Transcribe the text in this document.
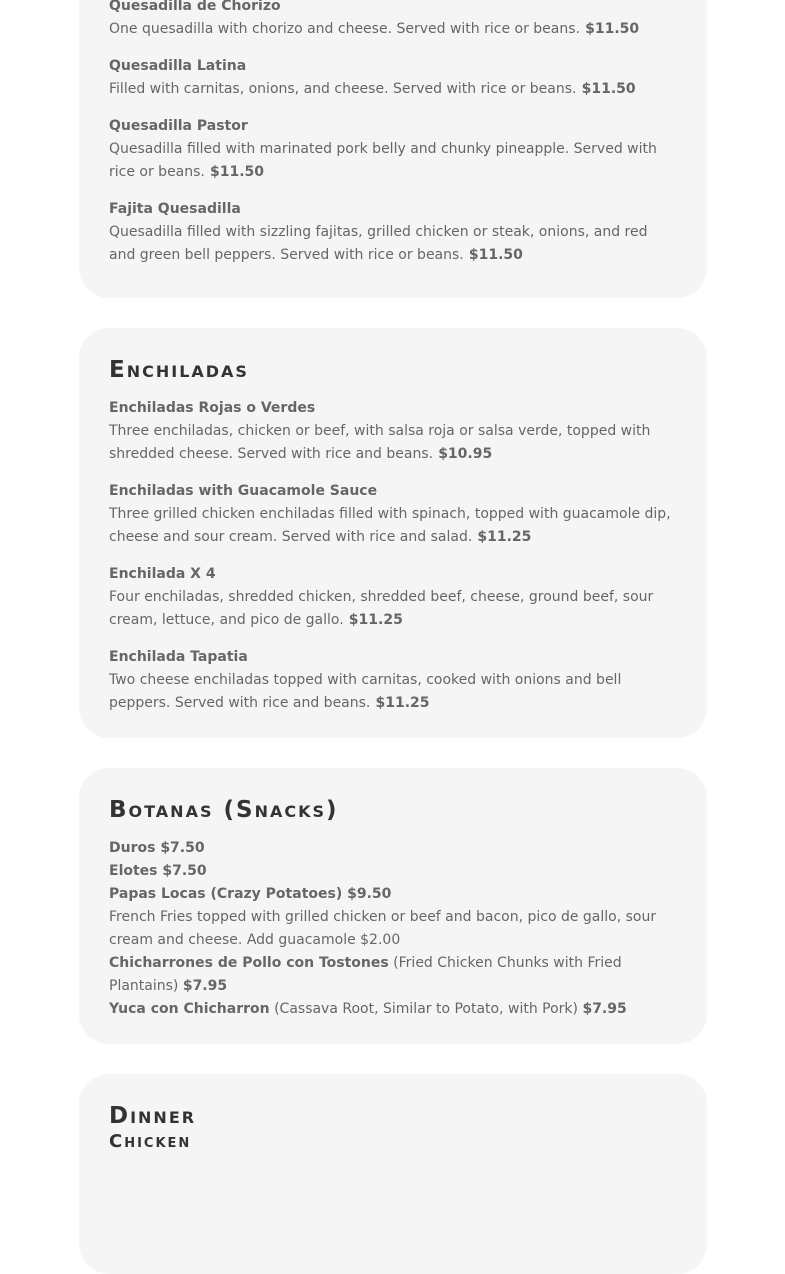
Quesadilla de Chorizo
One quesadilla with chorizo and cheese. Served with rice or beans. $11.50
Quesadilla Latina
Filled with carnitas, onions, and cheese. Served with rice or beans. $11.50
Quesadilla Pastor
Quesadilla filled with marinated pork belly and chunky pineapple. Served with rice or beans. $11.50
Fajita Quesadilla
Quesadilla filled with sizzling fajitas, grilled chicken or steak, onions, and red and green bell peppers. Served with rice or beans. $11.50
Enchiladas
Enchiladas Rojas o Verdes
Three enchiladas, chicken or beef, with salsa roja or salsa verde, topped with shredded cheese. Served with rice and beans. $10.95
Enchiladas with Guacamole Sauce
Three grilled chicken enchiladas filled with spinach, topped with guacamole dip, cheese and sour cream. Served with rice and salad. $11.25
Enchilada X 4
Four enchiladas, shredded chicken, shredded beef, cheese, ground beef, sour cream, lettuce, and pico de gallo. $11.25
Enchilada Tapatia
Two cheese enchiladas topped with carnitas, cooked with onions and bell peppers. Served with rice and beans. $11.25
Botanas (Snacks)
Duros $7.50
Elotes $7.50
Papas Locas (Crazy Potatoes) $9.50
French Fries topped with grilled chicken or beef and bacon, pico de gallo, sour cream and cheese. Add guacamole $2.00
Chicharrones de Pollo con Tostones (Fried Chicken Chunks with Fried Plantains) $7.95
Yuca con Chicharron (Cassava Root, Similar to Potato, with Pork) $7.95
Dinner
Chicken
